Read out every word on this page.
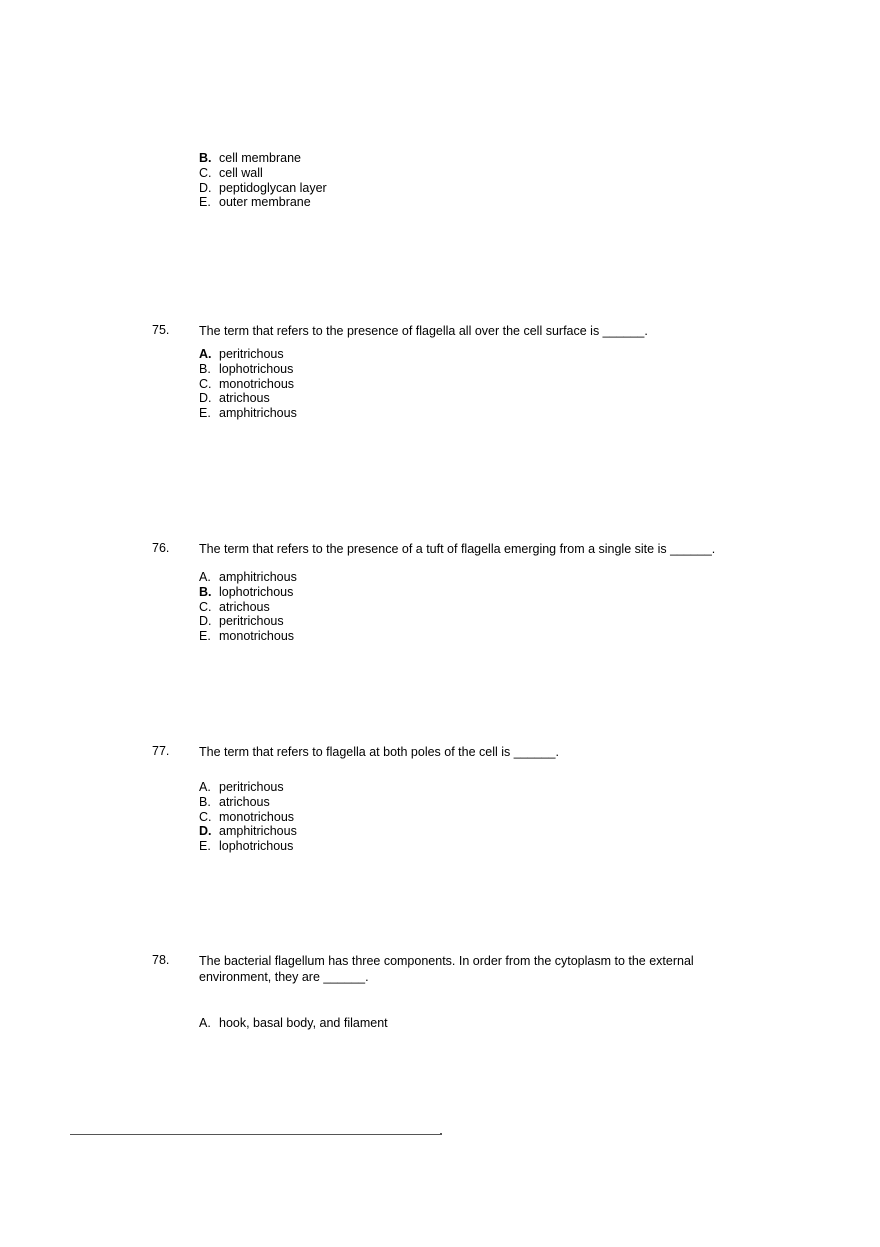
B. cell membrane
C. cell wall
D. peptidoglycan layer
E. outer membrane
75. The term that refers to the presence of flagella all over the cell surface is ______.
A. peritrichous
B. lophotrichous
C. monotrichous
D. atrichous
E. amphitrichous
76. The term that refers to the presence of a tuft of flagella emerging from a single site is ______.
A. amphitrichous
B. lophotrichous
C. atrichous
D. peritrichous
E. monotrichous
77. The term that refers to flagella at both poles of the cell is ______.
A. peritrichous
B. atrichous
C. monotrichous
D. amphitrichous
E. lophotrichous
78. The bacterial flagellum has three components. In order from the cytoplasm to the external environment, they are ______.
A. hook, basal body, and filament
